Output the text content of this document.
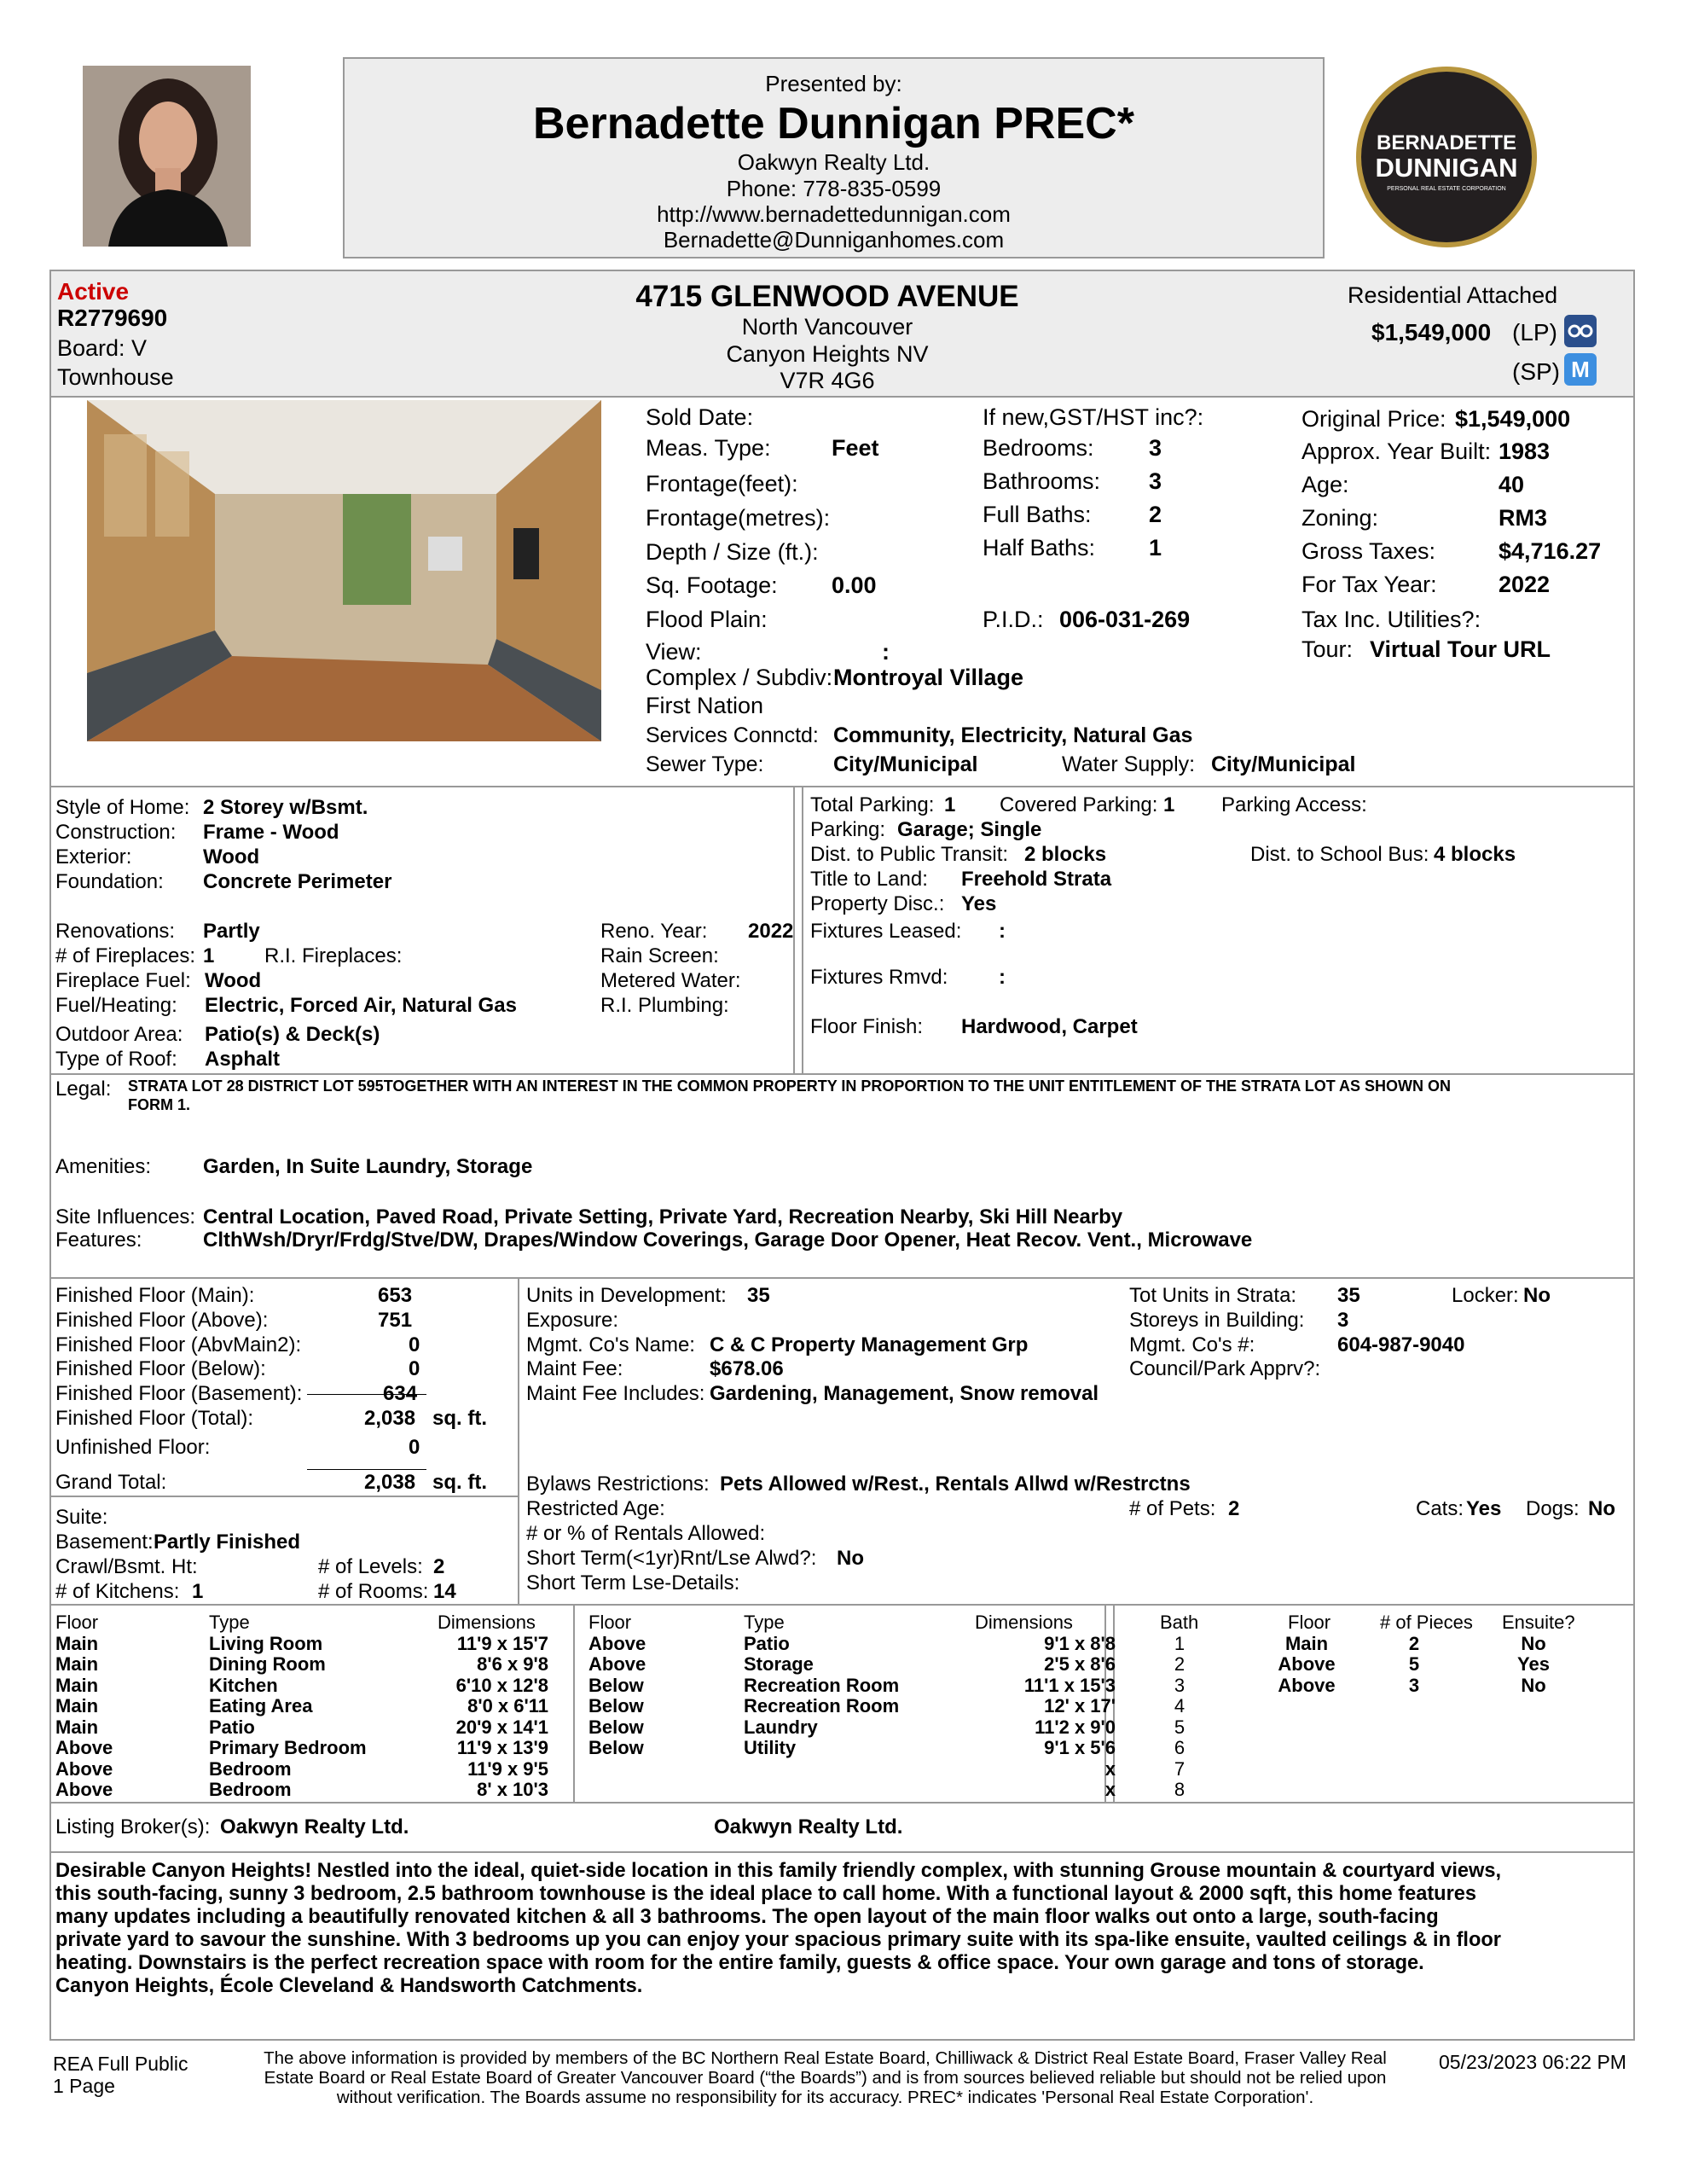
Presented by:
Bernadette Dunnigan PREC*
Oakwyn Realty Ltd.
Phone: 778-835-0599
http://www.bernadettedunnigan.com
Bernadette@Dunniganhomes.com
BERNADETTE
DUNNIGAN
PERSONAL REAL ESTATE CORPORATION
Active
R2779690
Board: V
Townhouse
4715 GLENWOOD AVENUE
North Vancouver
Canyon Heights NV
V7R 4G6
Residential Attached
$1,549,000 (LP)
(SP) M
Sold Date:
Meas. Type:	Feet
Frontage(feet):
Frontage(metres):
Depth / Size (ft.):
Sq. Footage: 0.00
Flood Plain:
View:	:
Complex / Subdiv: Montroyal Village
First Nation
Services Connctd: Community, Electricity, Natural Gas
Sewer Type:	City/Municipal	Water Supply: City/Municipal
If new,GST/HST inc?:
Bedrooms: 3
Bathrooms: 3
Full Baths: 2
Half Baths: 1
P.I.D.: 006-031-269
Original Price: $1,549,000
Approx. Year Built: 1983
Age:	40
Zoning:	RM3
Gross Taxes:	$4,716.27
For Tax Year:	2022
Tax Inc. Utilities?:
Tour: Virtual Tour URL
Style of Home: 2 Storey w/Bsmt.
Construction: Frame - Wood
Exterior:	Wood
Foundation: Concrete Perimeter
Renovations: Partly	Reno. Year: 2022
# of Fireplaces: 1 R.I. Fireplaces:	Rain Screen:
Fireplace Fuel: Wood	Metered Water:
Fuel/Heating: Electric, Forced Air, Natural Gas	R.I. Plumbing:
Outdoor Area: Patio(s) & Deck(s)
Type of Roof: Asphalt
Total Parking: 1 Covered Parking: 1 Parking Access:
Parking: Garage; Single
Dist. to Public Transit: 2 blocks	Dist. to School Bus: 4 blocks
Title to Land: Freehold Strata
Property Disc.: Yes
Fixtures Leased: :
Fixtures Rmvd: :
Floor Finish: Hardwood, Carpet
Legal: STRATA LOT 28 DISTRICT LOT 595TOGETHER WITH AN INTEREST IN THE COMMON PROPERTY IN PROPORTION TO THE UNIT ENTITLEMENT OF THE STRATA LOT AS SHOWN ON
FORM 1.
Amenities:	Garden, In Suite Laundry, Storage
Site Influences: Central Location, Paved Road, Private Setting, Private Yard, Recreation Nearby, Ski Hill Nearby
Features:	ClthWsh/Dryr/Frdg/Stve/DW, Drapes/Window Coverings, Garage Door Opener, Heat Recov. Vent., Microwave
Finished Floor (Main):	653
Finished Floor (Above):	751
Finished Floor (AbvMain2):	0
Finished Floor (Below):	0
Finished Floor (Basement):	634
Finished Floor (Total):	2,038 sq. ft.
Unfinished Floor:	0
Grand Total:	2,038 sq. ft.
Suite:
Basement: Partly Finished
Crawl/Bsmt. Ht:	# of Levels: 2
# of Kitchens: 1	# of Rooms: 14
Units in Development: 35
Exposure:
Mgmt. Co's Name: C & C Property Management Grp
Maint Fee:	$678.06
Maint Fee Includes: Gardening, Management, Snow removal
Tot Units in Strata: 35	Locker: No
Storeys in Building: 3
Mgmt. Co's #:	604-987-9040
Council/Park Apprv?:
Bylaws Restrictions: Pets Allowed w/Rest., Rentals Allwd w/Restrctns
Restricted Age:	# of Pets: 2	Cats: Yes Dogs: No
# or % of Rentals Allowed:
Short Term(<1yr)Rnt/Lse Alwd?: No
Short Term Lse-Details:
Floor	Type	Dimensions
Main	Living Room	11'9 x 15'7
Main	Dining Room	8'6 x 9'8
Main	Kitchen	6'10 x 12'8
Main	Eating Area	8'0 x 6'11
Main	Patio	20'9 x 14'1
Above	Primary Bedroom	11'9 x 13'9
Above	Bedroom	11'9 x 9'5
Above	Bedroom	8' x 10'3
Floor	Type	Dimensions
Above	Patio	9'1 x 8'8
Above	Storage	2'5 x 8'6
Below	Recreation Room	11'1 x 15'3
Below	Recreation Room	12' x 17'
Below	Laundry	11'2 x 9'0
Below	Utility	9'1 x 5'6
x
x
Bath	Floor	# of Pieces Ensuite?
1	Main	2	No
2	Above	5	Yes
3	Above	3	No
4
5
6
7
8
Listing Broker(s): Oakwyn Realty Ltd.	Oakwyn Realty Ltd.
Desirable Canyon Heights! Nestled into the ideal, quiet-side location in this family friendly complex, with stunning Grouse mountain & courtyard views,
this south-facing, sunny 3 bedroom, 2.5 bathroom townhouse is the ideal place to call home. With a functional layout & 2000 sqft, this home features
many updates including a beautifully renovated kitchen & all 3 bathrooms. The open layout of the main floor walks out onto a large, south-facing
private yard to savour the sunshine. With 3 bedrooms up you can enjoy your spacious primary suite with its spa-like ensuite, vaulted ceilings & in floor
heating. Downstairs is the perfect recreation space with room for the entire family, guests & office space. Your own garage and tons of storage.
Canyon Heights, École Cleveland & Handsworth Catchments.
REA Full Public
1 Page
The above information is provided by members of the BC Northern Real Estate Board, Chilliwack & District Real Estate Board, Fraser Valley Real
Estate Board or Real Estate Board of Greater Vancouver Board (“the Boards”) and is from sources believed reliable but should not be relied upon
without verification. The Boards assume no responsibility for its accuracy. PREC* indicates 'Personal Real Estate Corporation'.
05/23/2023 06:22 PM
